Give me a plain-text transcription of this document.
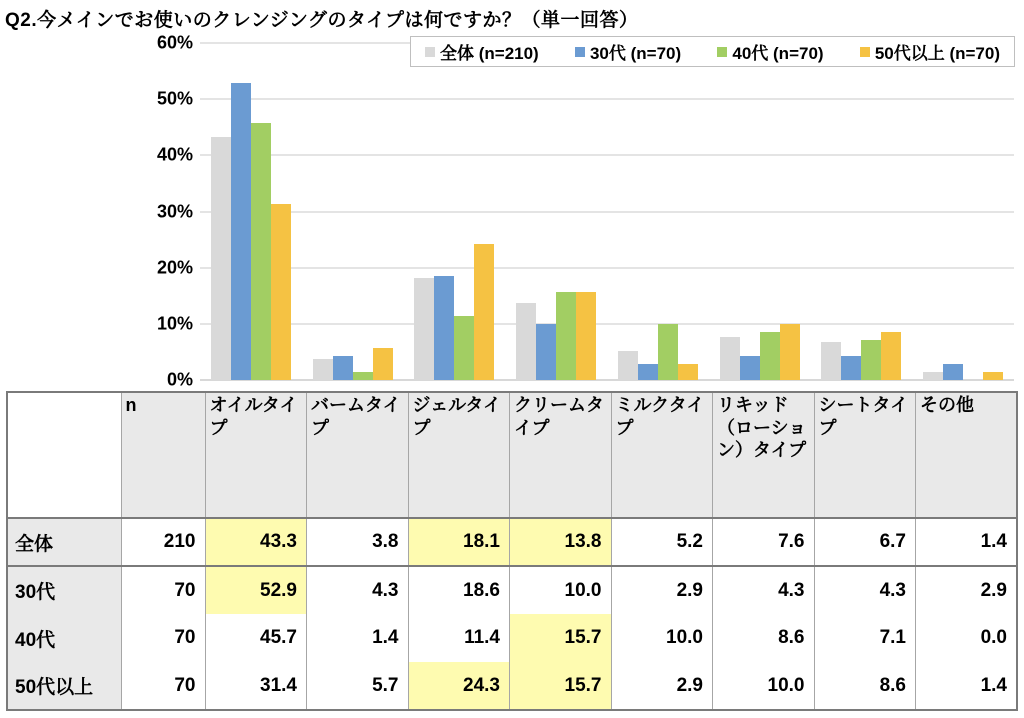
Q2.今メインでお使いのクレンジングのタイプは何ですか？（単一回答）
全体 (n=210)	30代 (n=70)	40代 (n=70)	50代以上 (n=70)
60%
50%
40%
30%
20%
10%
0%
	n	オイルタイプ	バームタイプ	ジェルタイプ	クリームタイプ	ミルクタイプ	リキッド（ローション）タイプ	シートタイプ	その他
全体	210	43.3	3.8	18.1	13.8	5.2	7.6	6.7	1.4
30代	70	52.9	4.3	18.6	10.0	2.9	4.3	4.3	2.9
40代	70	45.7	1.4	11.4	15.7	10.0	8.6	7.1	0.0
50代以上	70	31.4	5.7	24.3	15.7	2.9	10.0	8.6	1.4
